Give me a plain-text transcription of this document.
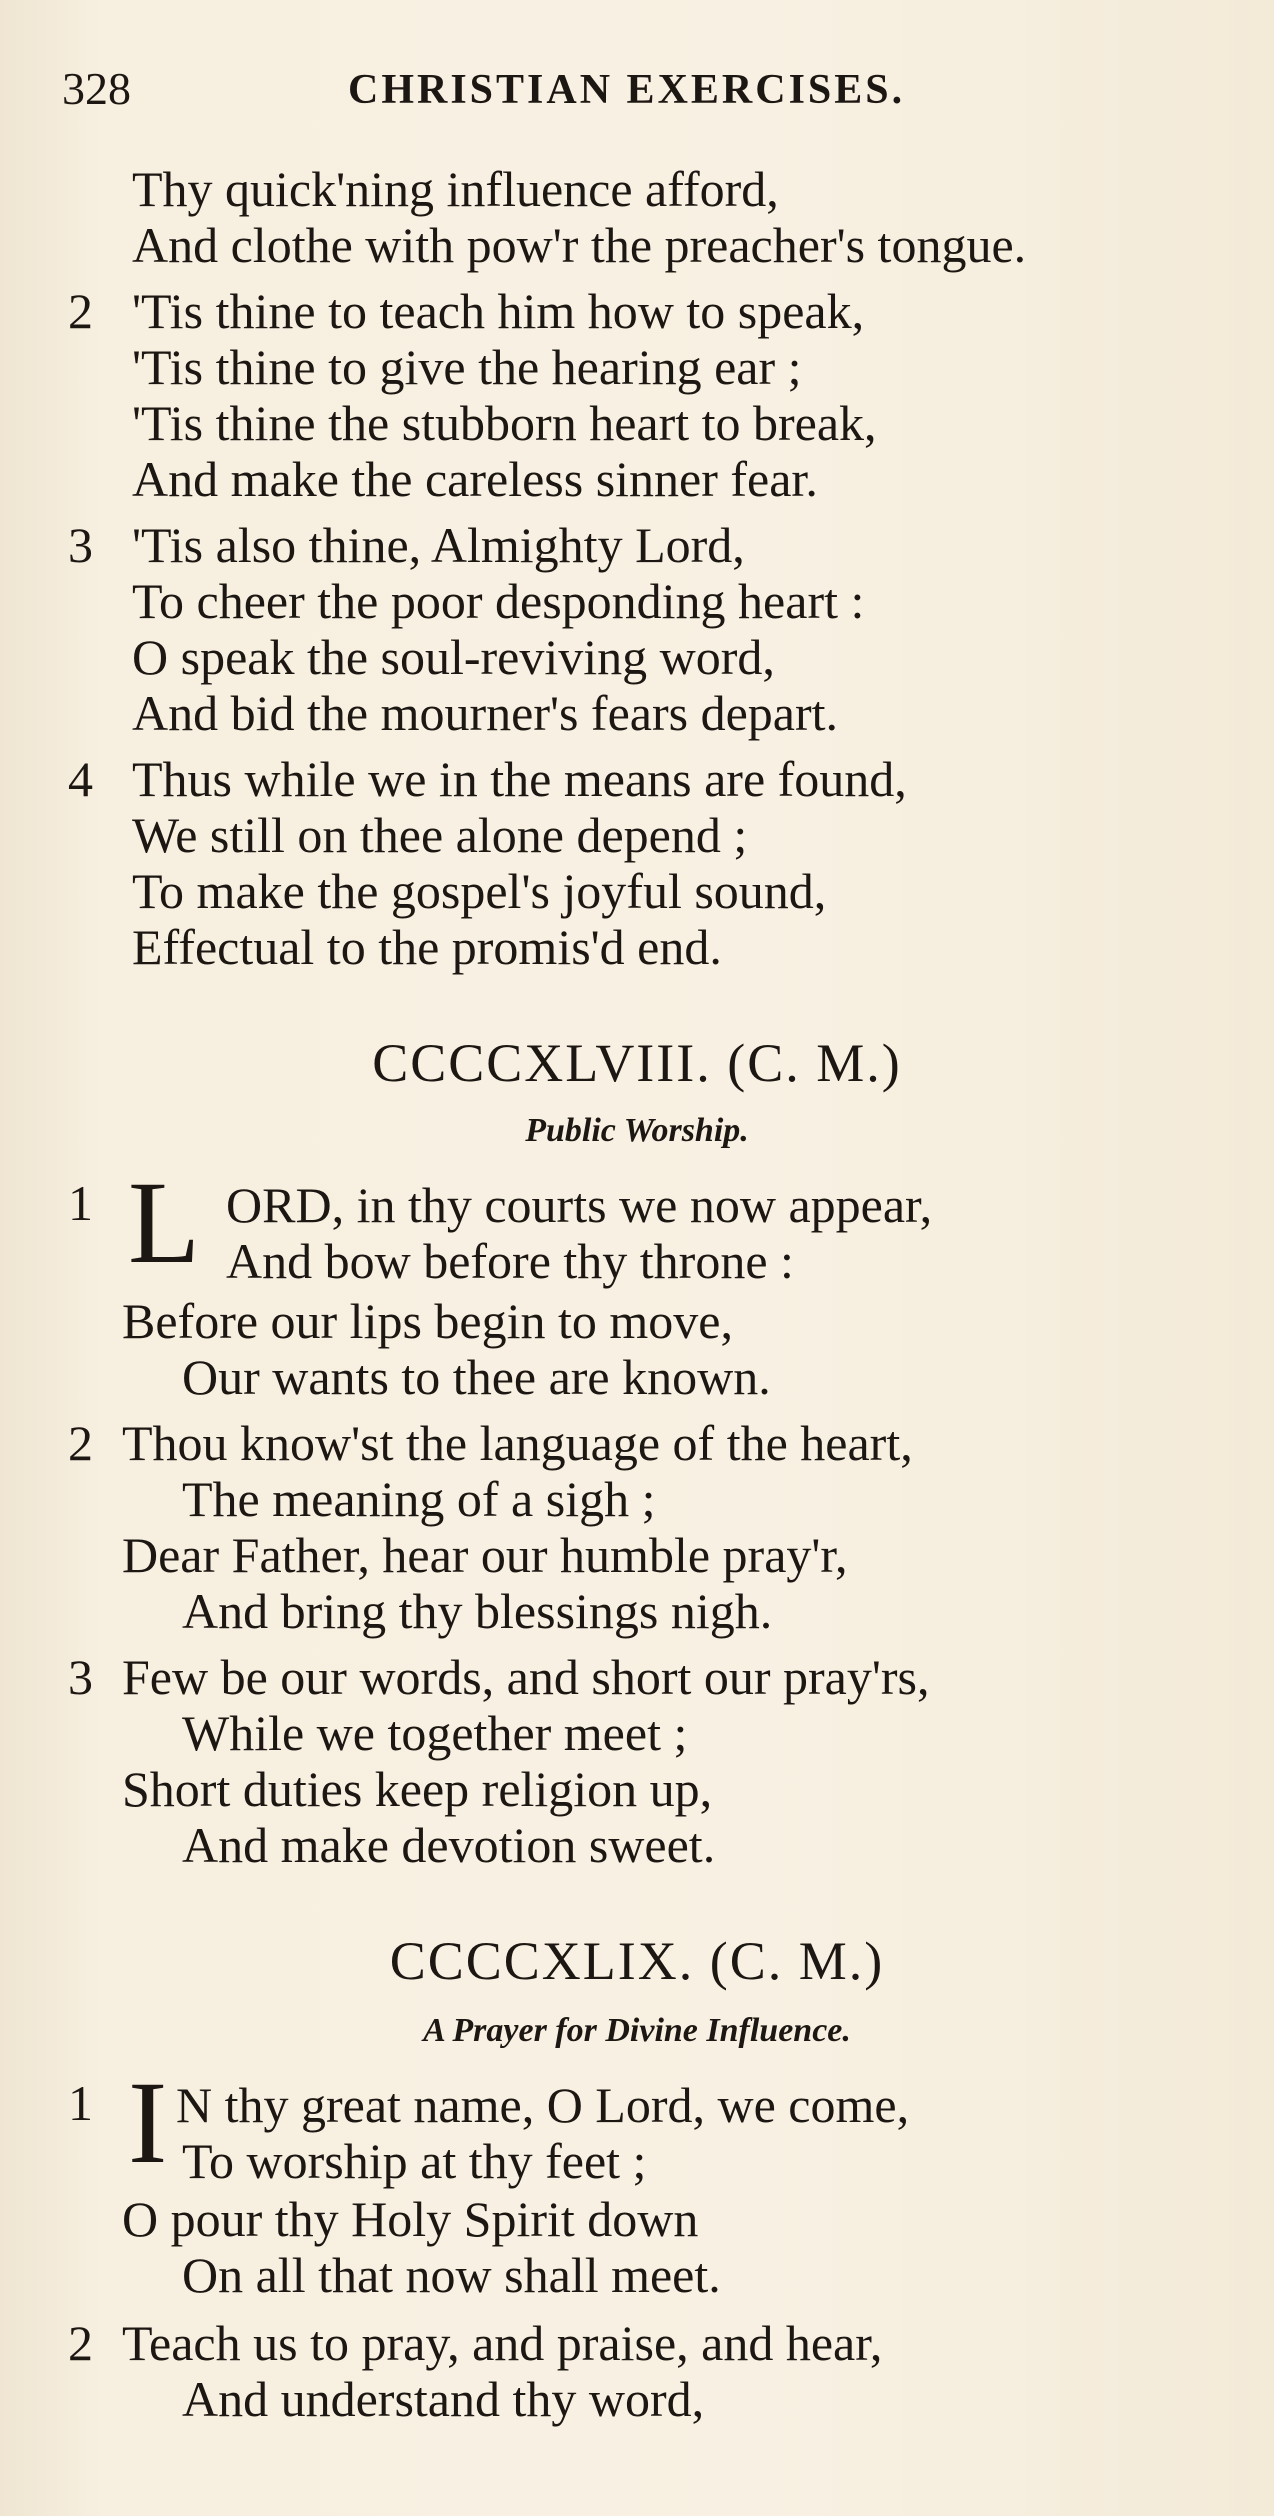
328	CHRISTIAN EXERCISES.
Thy quick'ning influence afford,
And clothe with pow'r the preacher's tongue.
2 'Tis thine to teach him how to speak,
'Tis thine to give the hearing ear ;
'Tis thine the stubborn heart to break,
And make the careless sinner fear.
3 'Tis also thine, Almighty Lord,
To cheer the poor desponding heart :
O speak the soul-reviving word,
And bid the mourner's fears depart.
4 Thus while we in the means are found,
We still on thee alone depend ;
To make the gospel's joyful sound,
Effectual to the promis'd end.
CCCCXLVIII. (C. M.)
Public Worship.
1 L ORD, in thy courts we now appear,
And bow before thy throne :
Before our lips begin to move,
Our wants to thee are known.
2 Thou know'st the language of the heart,
The meaning of a sigh ;
Dear Father, hear our humble pray'r,
And bring thy blessings nigh.
3 Few be our words, and short our pray'rs,
While we together meet ;
Short duties keep religion up,
And make devotion sweet.
CCCCXLIX. (C. M.)
A Prayer for Divine Influence.
1 I N thy great name, O Lord, we come,
To worship at thy feet ;
O pour thy Holy Spirit down
On all that now shall meet.
2 Teach us to pray, and praise, and hear,
And understand thy word,
